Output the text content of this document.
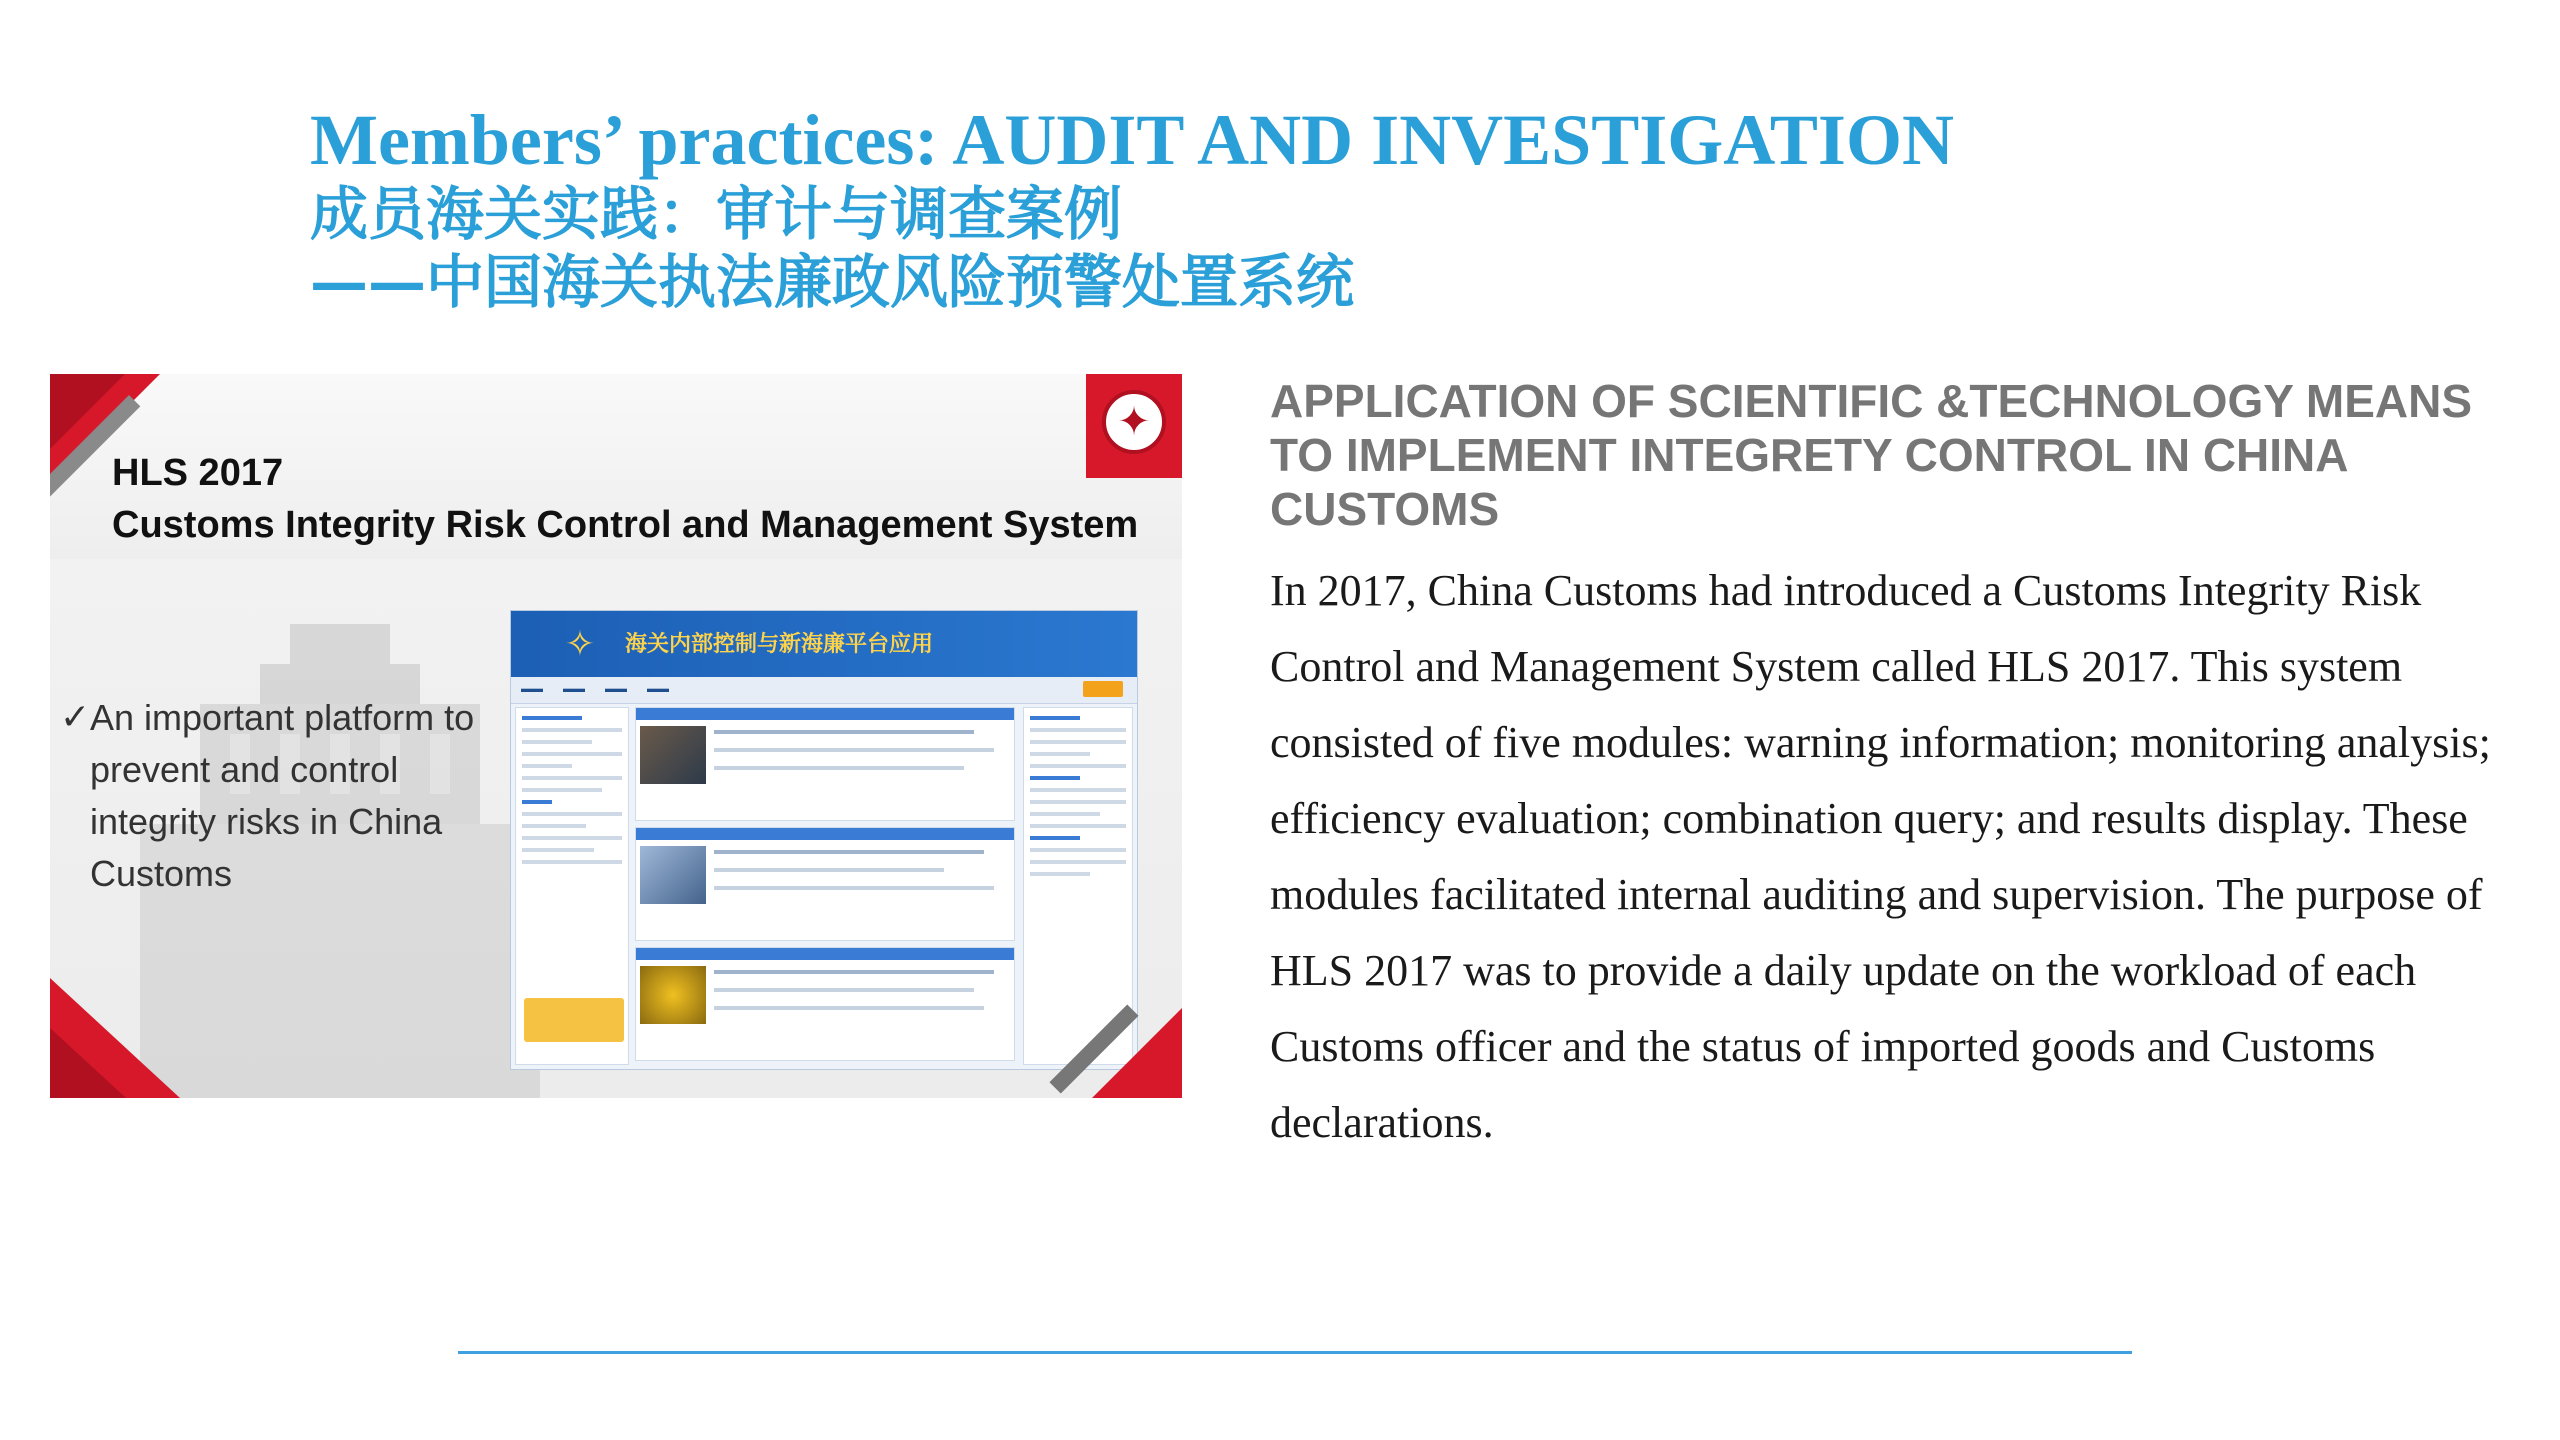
Members’ practices: AUDIT AND INVESTIGATION
成员海关实践：审计与调查案例
——中国海关执法廉政风险预警处置系统
✦
HLS 2017
Customs Integrity Risk Control and Management System
✓ An important platform to prevent and control integrity risks in China Customs
✧	海关内部控制与新海廉平台应用
▬▬ ▬▬ ▬▬ ▬▬
APPLICATION OF SCIENTIFIC &TECHNOLOGY MEANS TO IMPLEMENT INTEGRETY CONTROL IN CHINA CUSTOMS
In 2017, China Customs had introduced a Customs Integrity Risk Control and Management System called HLS 2017. This system consisted of five modules: warning information; monitoring analysis; efficiency evaluation; combination query; and results display. These modules facilitated internal auditing and supervision. The purpose of HLS 2017 was to provide a daily update on the workload of each Customs officer and the status of imported goods and Customs declarations.
